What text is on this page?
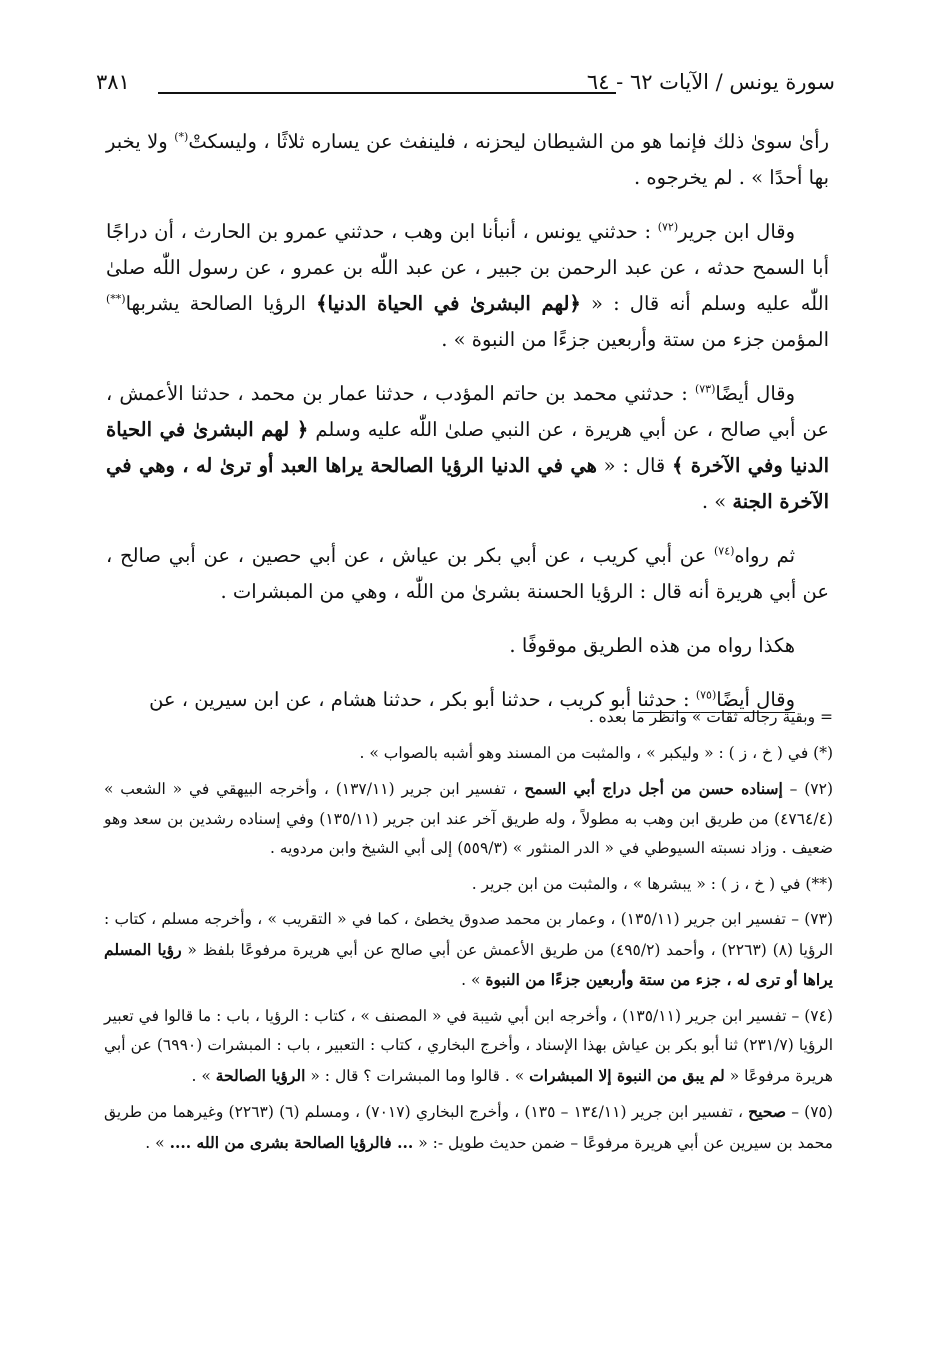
سورة يونس / الآيات ٦٢ - ٦٤
٣٨١

رأىٰ سوىٰ ذلك فإنما هو من الشيطان ليحزنه ، فلينفث عن يساره ثلاثًا ، وليسكتْ(*) ولا يخبر بها أحدًا » . لم يخرجوه .

وقال ابن جرير$^{(٧٢)}$ : حدثني يونس ، أنبأنا ابن وهب ، حدثني عمرو بن الحارث ، أن دراجًا أبا السمح حدثه ، عن عبد الرحمن بن جبير ، عن عبد اللّٰه بن عمرو ، عن رسول اللّٰه صلىٰ اللّٰه عليه وسلم أنه قال : « ﴿لهم البشرىٰ في الحياة الدنيا﴾ الرؤيا الصالحة يشربها(**) المؤمن جزء من ستة وأربعين جزءًا من النبوة » .

وقال أيضًا$^{(٧٣)}$ : حدثني محمد بن حاتم المؤدب ، حدثنا عمار بن محمد ، حدثنا الأعمش ، عن أبي صالح ، عن أبي هريرة ، عن النبي صلىٰ اللّٰه عليه وسلم ﴿ لهم البشرىٰ في الحياة الدنيا وفي الآخرة ﴾ قال : « هي في الدنيا الرؤيا الصالحة يراها العبد أو ترىٰ له ، وهي في الآخرة الجنة » .

ثم رواه$^{(٧٤)}$ عن أبي كريب ، عن أبي بكر بن عياش ، عن أبي حصين ، عن أبي صالح ، عن أبي هريرة أنه قال : الرؤيا الحسنة بشرىٰ من اللّٰه ، وهي من المبشرات .

هكذا رواه من هذه الطريق موقوفًا .

وقال أيضًا$^{(٧٥)}$ : حدثنا أبو كريب ، حدثنا أبو بكر ، حدثنا هشام ، عن ابن سيرين ، عن

= وبقية رجاله ثقات » وانظر ما بعده .

(*) في ( خ ، ز ) : « وليكبر » ، والمثبت من المسند وهو أشبه بالصواب » .

(٧٢) – إسناده حسن من أجل دراج أبي السمح ، تفسير ابن جرير (١٣٧/١١) ، وأخرجه البيهقي في « الشعب » (٤٧٦٤/٤) من طريق ابن وهب به مطولاً ، وله طريق آخر عند ابن جرير (١٣٥/١١) وفي إسناده رشدين بن سعد وهو ضعيف . وزاد نسبته السيوطي في « الدر المنثور » (٥٥٩/٣) إلى أبي الشيخ وابن مردويه .

(**) في ( خ ، ز ) : « يبشرها » ، والمثبت من ابن جرير .

(٧٣) – تفسير ابن جرير (١٣٥/١١) ، وعمار بن محمد صدوق يخطئ ، كما في « التقريب » ، وأخرجه مسلم ، كتاب : الرؤيا (٨) (٢٢٦٣) ، وأحمد (٤٩٥/٢) من طريق الأعمش عن أبي صالح عن أبي هريرة مرفوعًا بلفظ « رؤيا المسلم يراها أو ترى له ، جزء من ستة وأربعين جزءًا من النبوة » .

(٧٤) – تفسير ابن جرير (١٣٥/١١) ، وأخرجه ابن أبي شيبة في « المصنف » ، كتاب : الرؤيا ، باب : ما قالوا في تعبير الرؤيا (٢٣١/٧) ثنا أبو بكر بن عياش بهذا الإسناد ، وأخرج البخاري ، كتاب : التعبير ، باب : المبشرات (٦٩٩٠) عن أبي هريرة مرفوعًا « لم يبق من النبوة إلا المبشرات » . قالوا وما المبشرات ؟ قال : « الرؤيا الصالحة » .

(٧٥) – صحيح ، تفسير ابن جرير (١٣٤/١١ – ١٣٥) ، وأخرج البخاري (٧٠١٧) ، ومسلم (٦) (٢٢٦٣) وغيرهما من طريق محمد بن سيرين عن أبي هريرة مرفوعًا – ضمن حديث طويل -: « ... فالرؤيا الصالحة بشرى من الله .... » .
